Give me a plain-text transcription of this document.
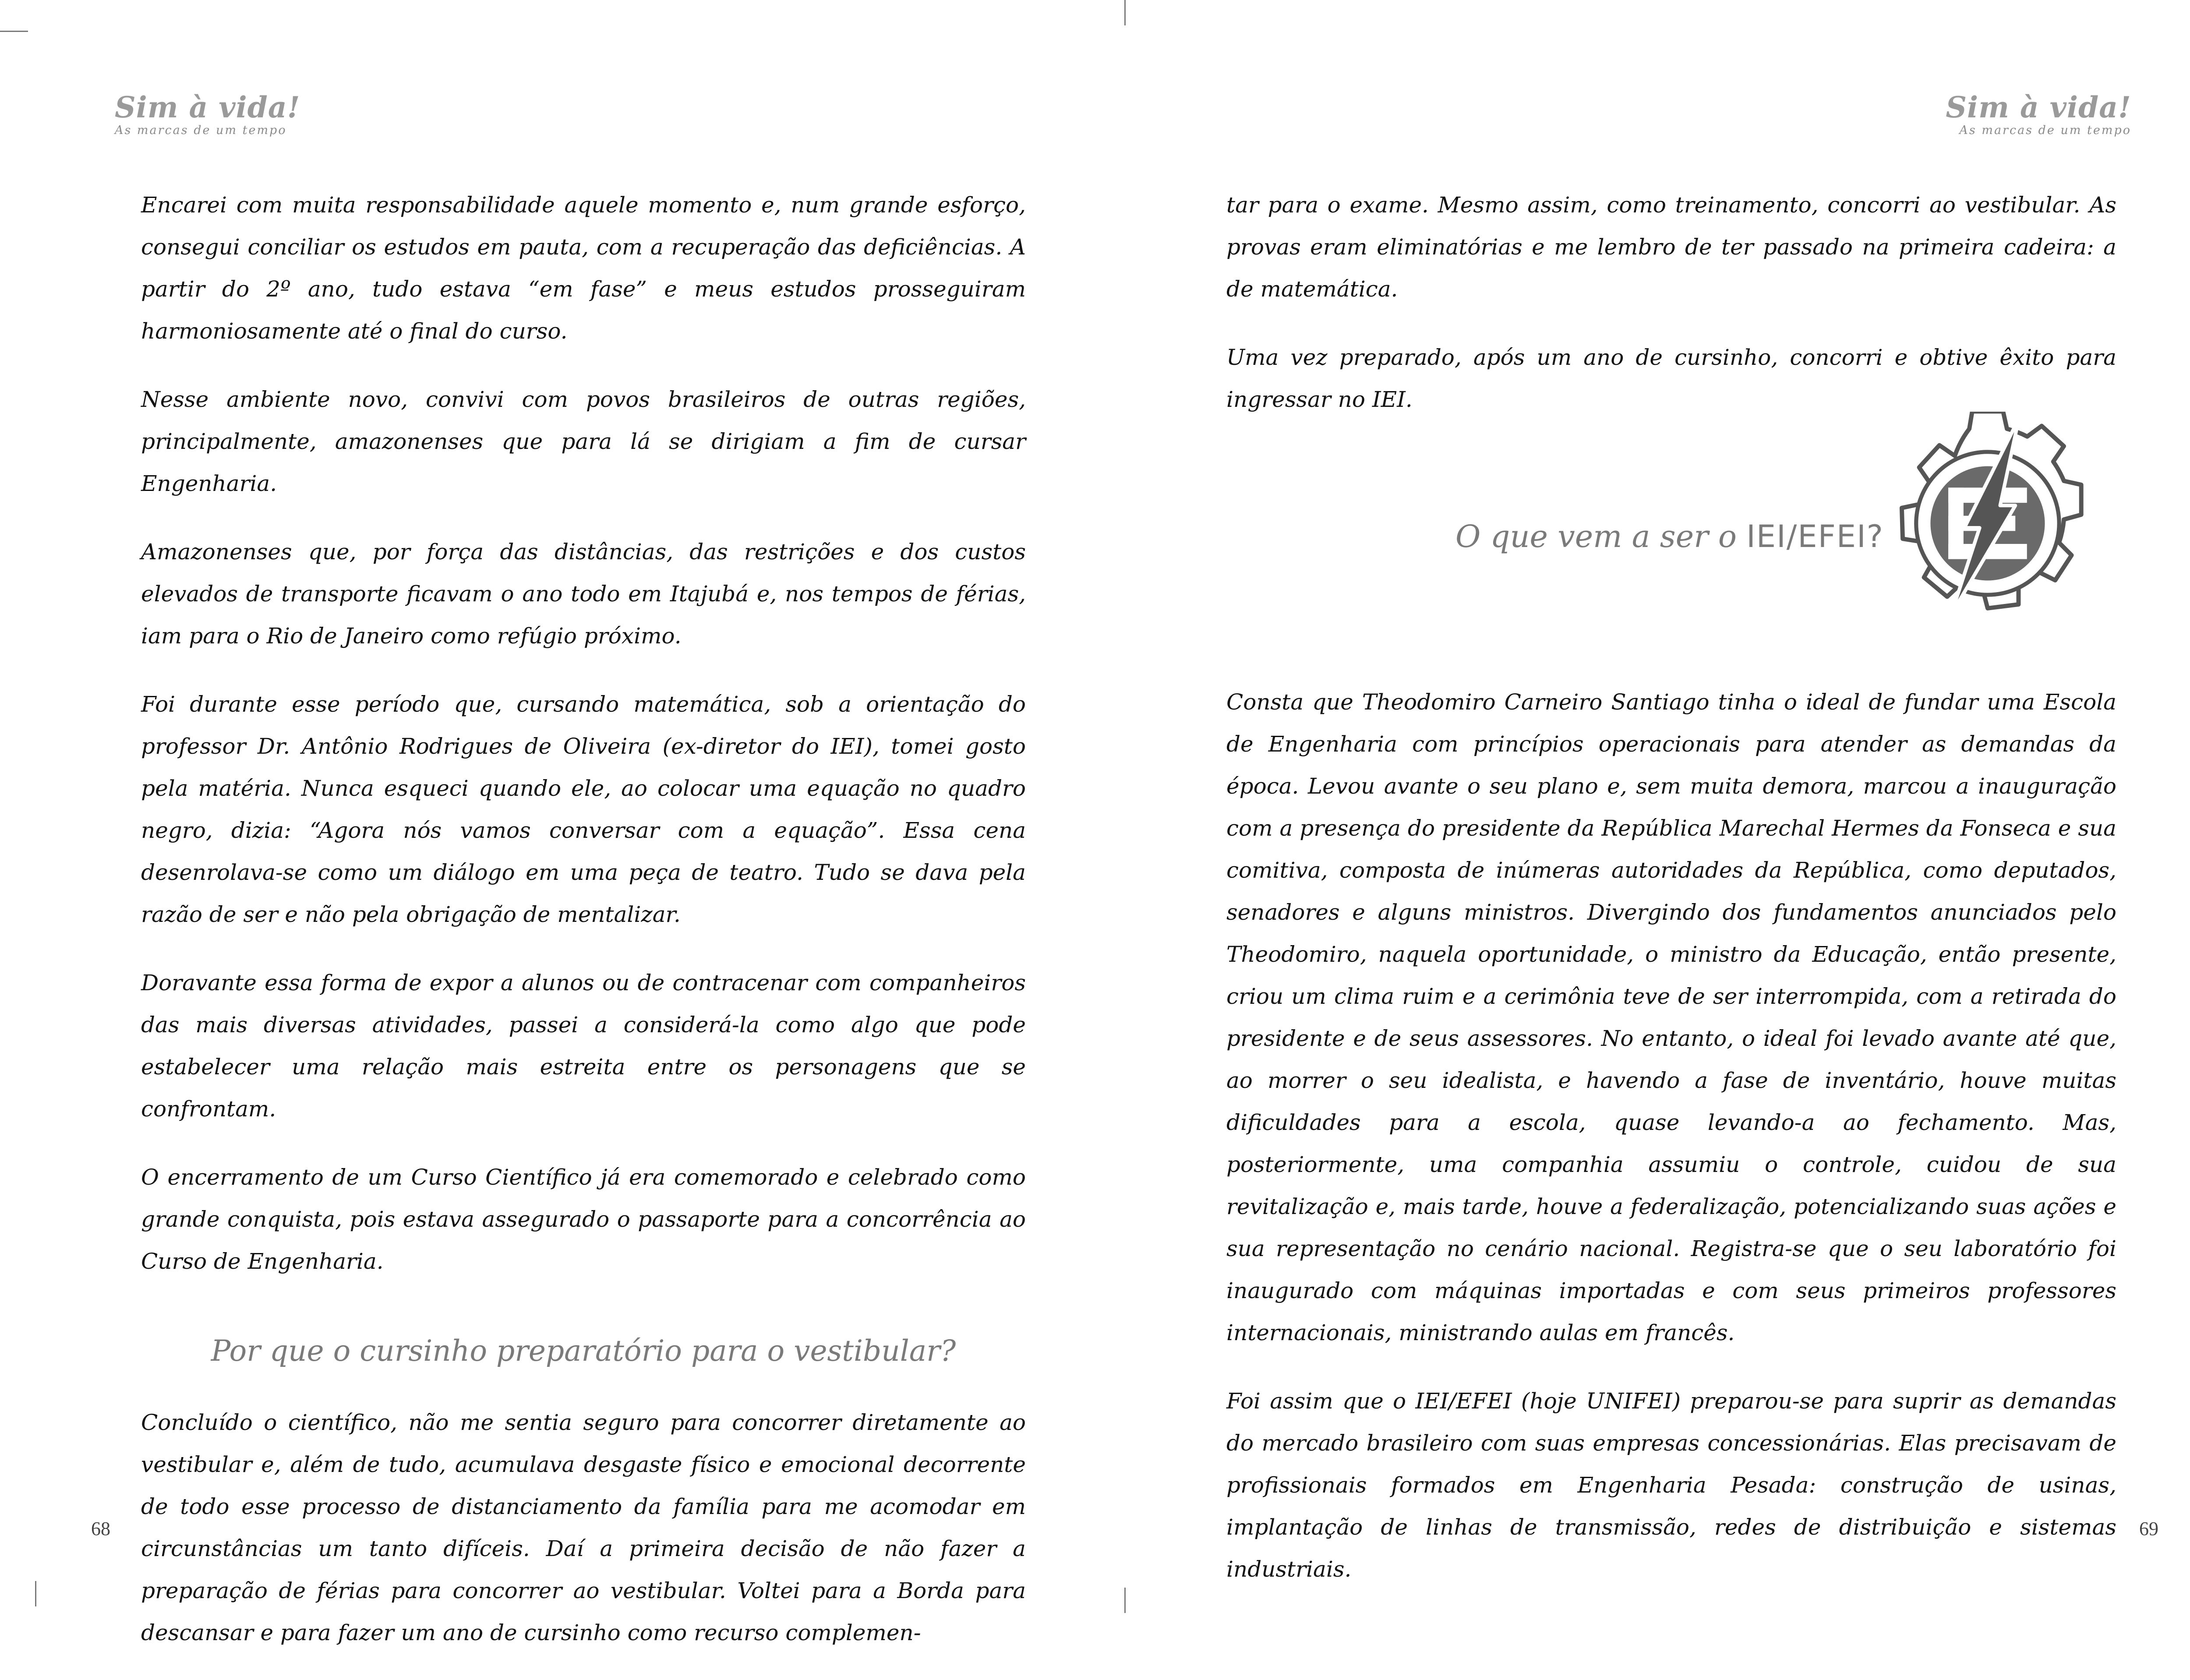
Sim à vida!
As marcas de um tempo

Encarei com muita responsabilidade aquele momento e, num grande esforço, consegui conciliar os estudos em pauta, com a recuperação das deficiências. A partir do 2º ano, tudo estava “em fase” e meus estudos prosseguiram harmoniosamente até o final do curso.

Nesse ambiente novo, convivi com povos brasileiros de outras regiões, principalmente, amazonenses que para lá se dirigiam a fim de cursar Engenharia.

Amazonenses que, por força das distâncias, das restrições e dos custos elevados de transporte ficavam o ano todo em Itajubá e, nos tempos de férias, iam para o Rio de Janeiro como refúgio próximo.

Foi durante esse período que, cursando matemática, sob a orientação do professor Dr. Antônio Rodrigues de Oliveira (ex-diretor do IEI), tomei gosto pela matéria. Nunca esqueci quando ele, ao colocar uma equação no quadro negro, dizia: “Agora nós vamos conversar com a equação”. Essa cena desenrolava-se como um diálogo em uma peça de teatro. Tudo se dava pela razão de ser e não pela obrigação de mentalizar.

Doravante essa forma de expor a alunos ou de contracenar com companheiros das mais diversas atividades, passei a considerá-la como algo que pode estabelecer uma relação mais estreita entre os personagens que se confrontam.

O encerramento de um Curso Científico já era comemorado e celebrado como grande conquista, pois estava assegurado o passaporte para a concorrência ao Curso de Engenharia.

Por que o cursinho preparatório para o vestibular?

Concluído o científico, não me sentia seguro para concorrer diretamente ao vestibular e, além de tudo, acumulava desgaste físico e emocional decorrente de todo esse processo de distanciamento da família para me acomodar em circunstâncias um tanto difíceis. Daí a primeira decisão de não fazer a preparação de férias para concorrer ao vestibular. Voltei para a Borda para descansar e para fazer um ano de cursinho como recurso complemen-

68
Sim à vida!
As marcas de um tempo

tar para o exame. Mesmo assim, como treinamento, concorri ao vestibular. As provas eram eliminatórias e me lembro de ter passado na primeira cadeira: a de matemática.

Uma vez preparado, após um ano de cursinho, concorri e obtive êxito para ingressar no IEI.

O que vem a ser o IEI/EFEI?

Consta que Theodomiro Carneiro Santiago tinha o ideal de fundar uma Escola de Engenharia com princípios operacionais para atender as demandas da época. Levou avante o seu plano e, sem muita demora, marcou a inauguração com a presença do presidente da República Marechal Hermes da Fonseca e sua comitiva, composta de inúmeras autoridades da República, como deputados, senadores e alguns ministros. Divergindo dos fundamentos anunciados pelo Theodomiro, naquela oportunidade, o ministro da Educação, então presente, criou um clima ruim e a cerimônia teve de ser interrompida, com a retirada do presidente e de seus assessores. No entanto, o ideal foi levado avante até que, ao morrer o seu idealista, e havendo a fase de inventário, houve muitas dificuldades para a escola, quase levando-a ao fechamento. Mas, posteriormente, uma companhia assumiu o controle, cuidou de sua revitalização e, mais tarde, houve a federalização, potencializando suas ações e sua representação no cenário nacional. Registra-se que o seu laboratório foi inaugurado com máquinas importadas e com seus primeiros professores internacionais, ministrando aulas em francês.

Foi assim que o IEI/EFEI (hoje UNIFEI) preparou-se para suprir as demandas do mercado brasileiro com suas empresas concessionárias. Elas precisavam de profissionais formados em Engenharia Pesada: construção de usinas, implantação de linhas de transmissão, redes de distribuição e sistemas industriais.

69
